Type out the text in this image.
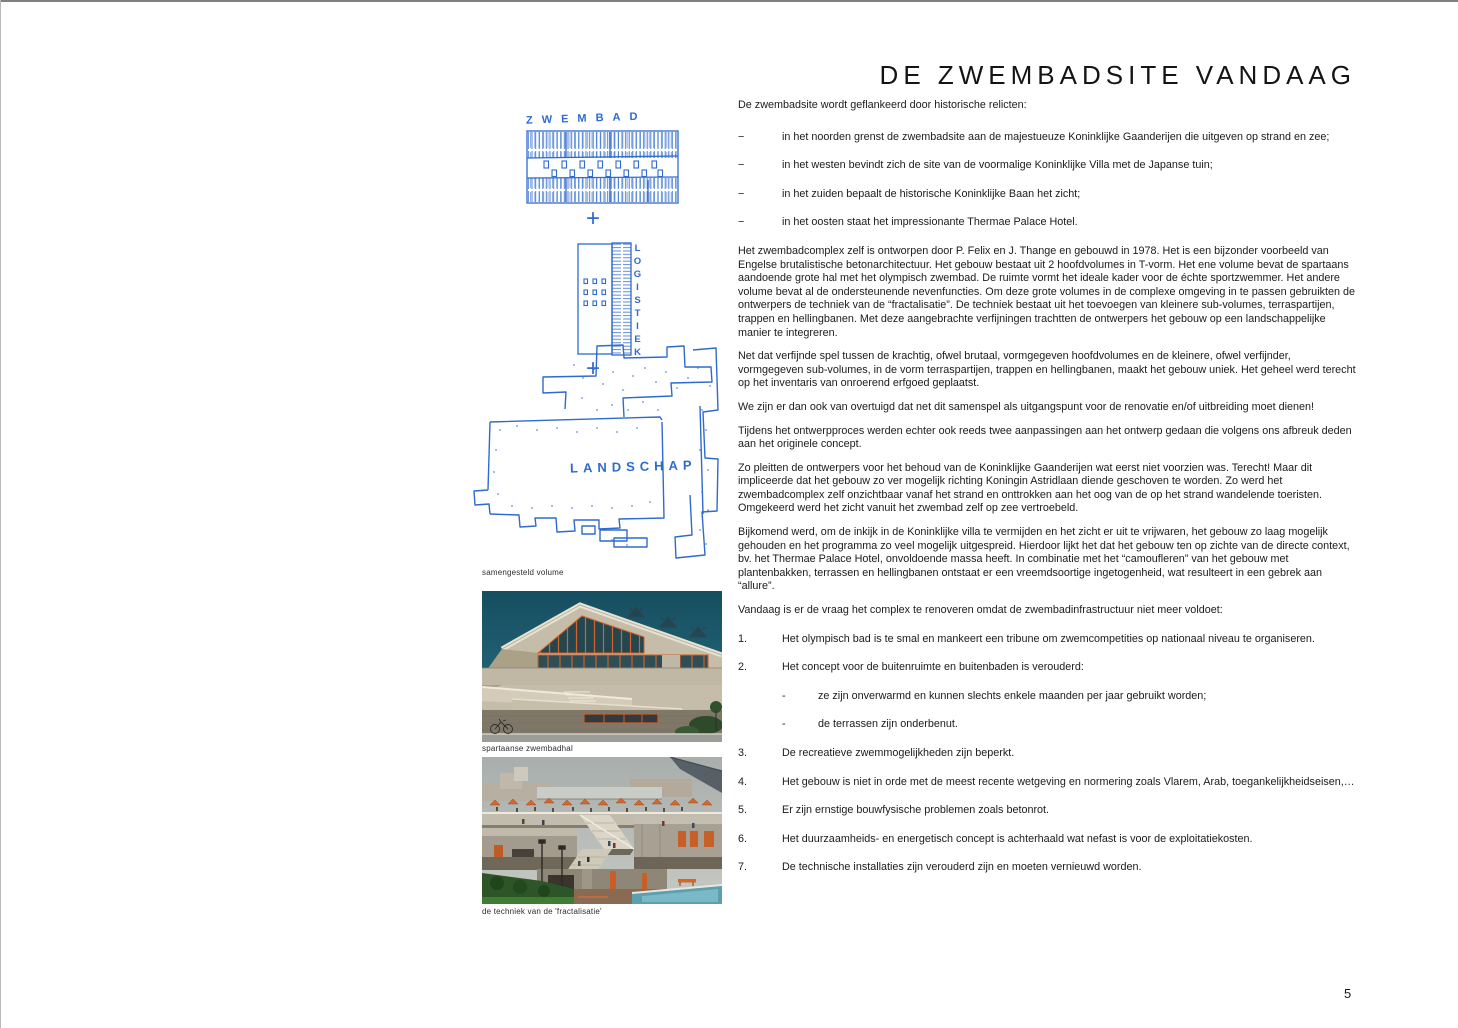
DE ZWEMBADSITE VANDAAG
ZWEMBAD
+
LOGISTIEK
+
LANDSCHAP
samengesteld volume
spartaanse zwembadhal
de techniek van de 'fractalisatie'

De zwembadsite wordt geflankeerd door historische relicten:

−	in het noorden grenst de zwembadsite aan de majestueuze Koninklijke Gaanderijen die uitgeven op strand en zee;
−	in het westen bevindt zich de site van de voormalige Koninklijke Villa met de Japanse tuin;
−	in het zuiden bepaalt de historische Koninklijke Baan het zicht;
−	in het oosten staat het impressionante Thermae Palace Hotel.

Het zwembadcomplex zelf is ontworpen door P. Felix en J. Thange en gebouwd in 1978. Het is een bijzonder voorbeeld van Engelse brutalistische betonarchitectuur. Het gebouw bestaat uit 2 hoofdvolumes in T-vorm. Het ene volume bevat de spartaans aandoende grote hal met het olympisch zwembad. De ruimte vormt het ideale kader voor de échte sportzwemmer. Het andere volume bevat al de ondersteunende nevenfuncties. Om deze grote volumes in de complexe omgeving in te passen gebruikten de ontwerpers de techniek van de “fractalisatie”. De techniek bestaat uit het toevoegen van kleinere sub-volumes, terraspartijen, trappen en hellingbanen. Met deze aangebrachte verfijningen trachtten de ontwerpers het gebouw op een landschappelijke manier te integreren.

Net dat verfijnde spel tussen de krachtig, ofwel brutaal, vormgegeven hoofdvolumes en de kleinere, ofwel verfijnder, vormgegeven sub-volumes, in de vorm terraspartijen, trappen en hellingbanen, maakt het gebouw uniek. Het geheel werd terecht op het inventaris van onroerend erfgoed geplaatst.

We zijn er dan ook van overtuigd dat net dit samenspel als uitgangspunt voor de renovatie en/of uitbreiding moet dienen!

Tijdens het ontwerpproces werden echter ook reeds twee aanpassingen aan het ontwerp gedaan die volgens ons afbreuk deden aan het originele concept.

Zo pleitten de ontwerpers voor het behoud van de Koninklijke Gaanderijen wat eerst niet voorzien was. Terecht! Maar dit impliceerde dat het gebouw zo ver mogelijk richting Koningin Astridlaan diende geschoven te worden. Zo werd het zwembadcomplex zelf onzichtbaar vanaf het strand en onttrokken aan het oog van de op het strand wandelende toeristen. Omgekeerd werd het zicht vanuit het zwembad zelf op zee vertroebeld.

Bijkomend werd, om de inkijk in de Koninklijke villa te vermijden en het zicht er uit te vrijwaren, het gebouw zo laag mogelijk gehouden en het programma zo veel mogelijk uitgespreid. Hierdoor lijkt het dat het gebouw ten op zichte van de directe context, bv. het Thermae Palace Hotel, onvoldoende massa heeft. In combinatie met het “camoufleren” van het gebouw met plantenbakken, terrassen en hellingbanen ontstaat er een vreemdsoortige ingetogenheid, wat resulteert in een gebrek aan “allure”.

Vandaag is er de vraag het complex te renoveren omdat de zwembadinfrastructuur niet meer voldoet:

1.	Het olympisch bad is te smal en mankeert een tribune om zwemcompetities op nationaal niveau te organiseren.
2.	Het concept voor de buitenruimte en buitenbaden is verouderd:
-	ze zijn onverwarmd en kunnen slechts enkele maanden per jaar gebruikt worden;
-	de terrassen zijn onderbenut.
3.	De recreatieve zwemmogelijkheden zijn beperkt.
4.	Het gebouw is niet in orde met de meest recente wetgeving en normering zoals Vlarem, Arab, toegankelijkheidseisen,…
5.	Er zijn ernstige bouwfysische problemen zoals betonrot.
6.	Het duurzaamheids- en energetisch concept is achterhaald wat nefast is voor de exploitatiekosten.
7.	De technische installaties zijn verouderd zijn en moeten vernieuwd worden.
5
